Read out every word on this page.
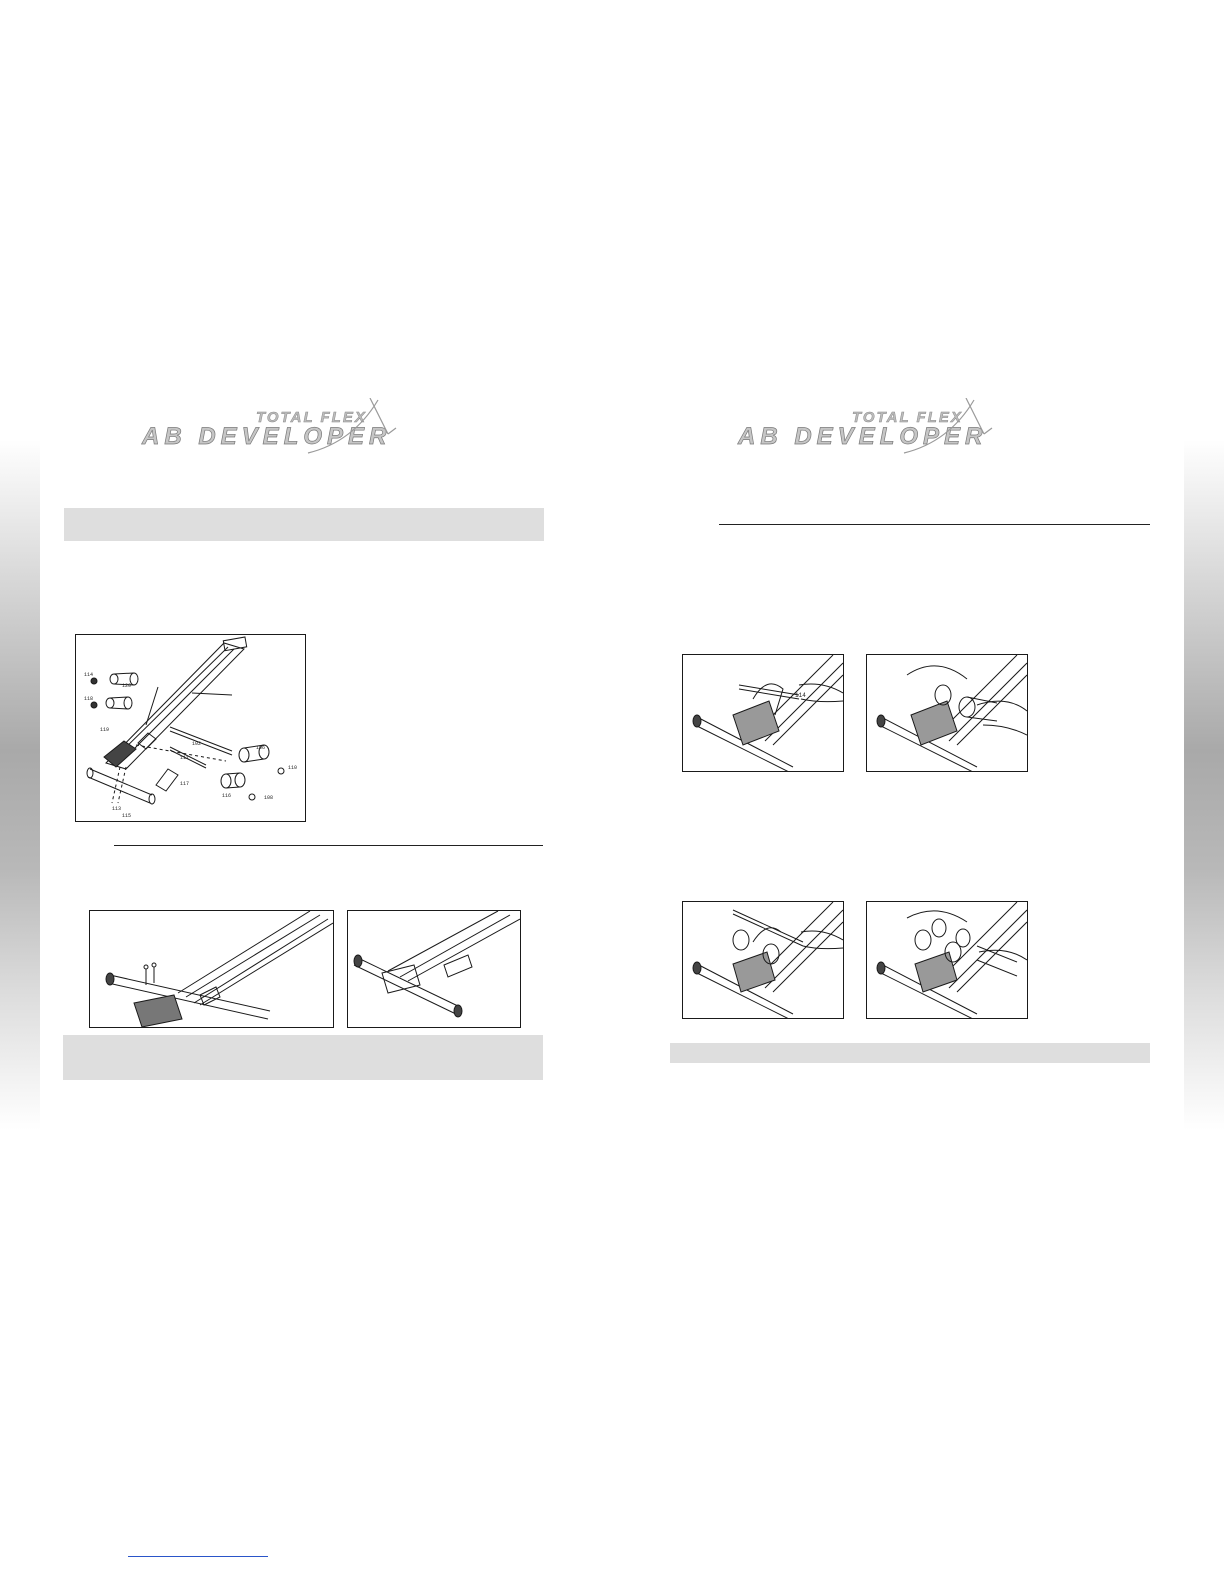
TOTAL FLEX
AB DEVELOPER
114
120
118
119
102
110
106
111
117
113
115
116	108
TOTAL FLEX
AB DEVELOPER
114
